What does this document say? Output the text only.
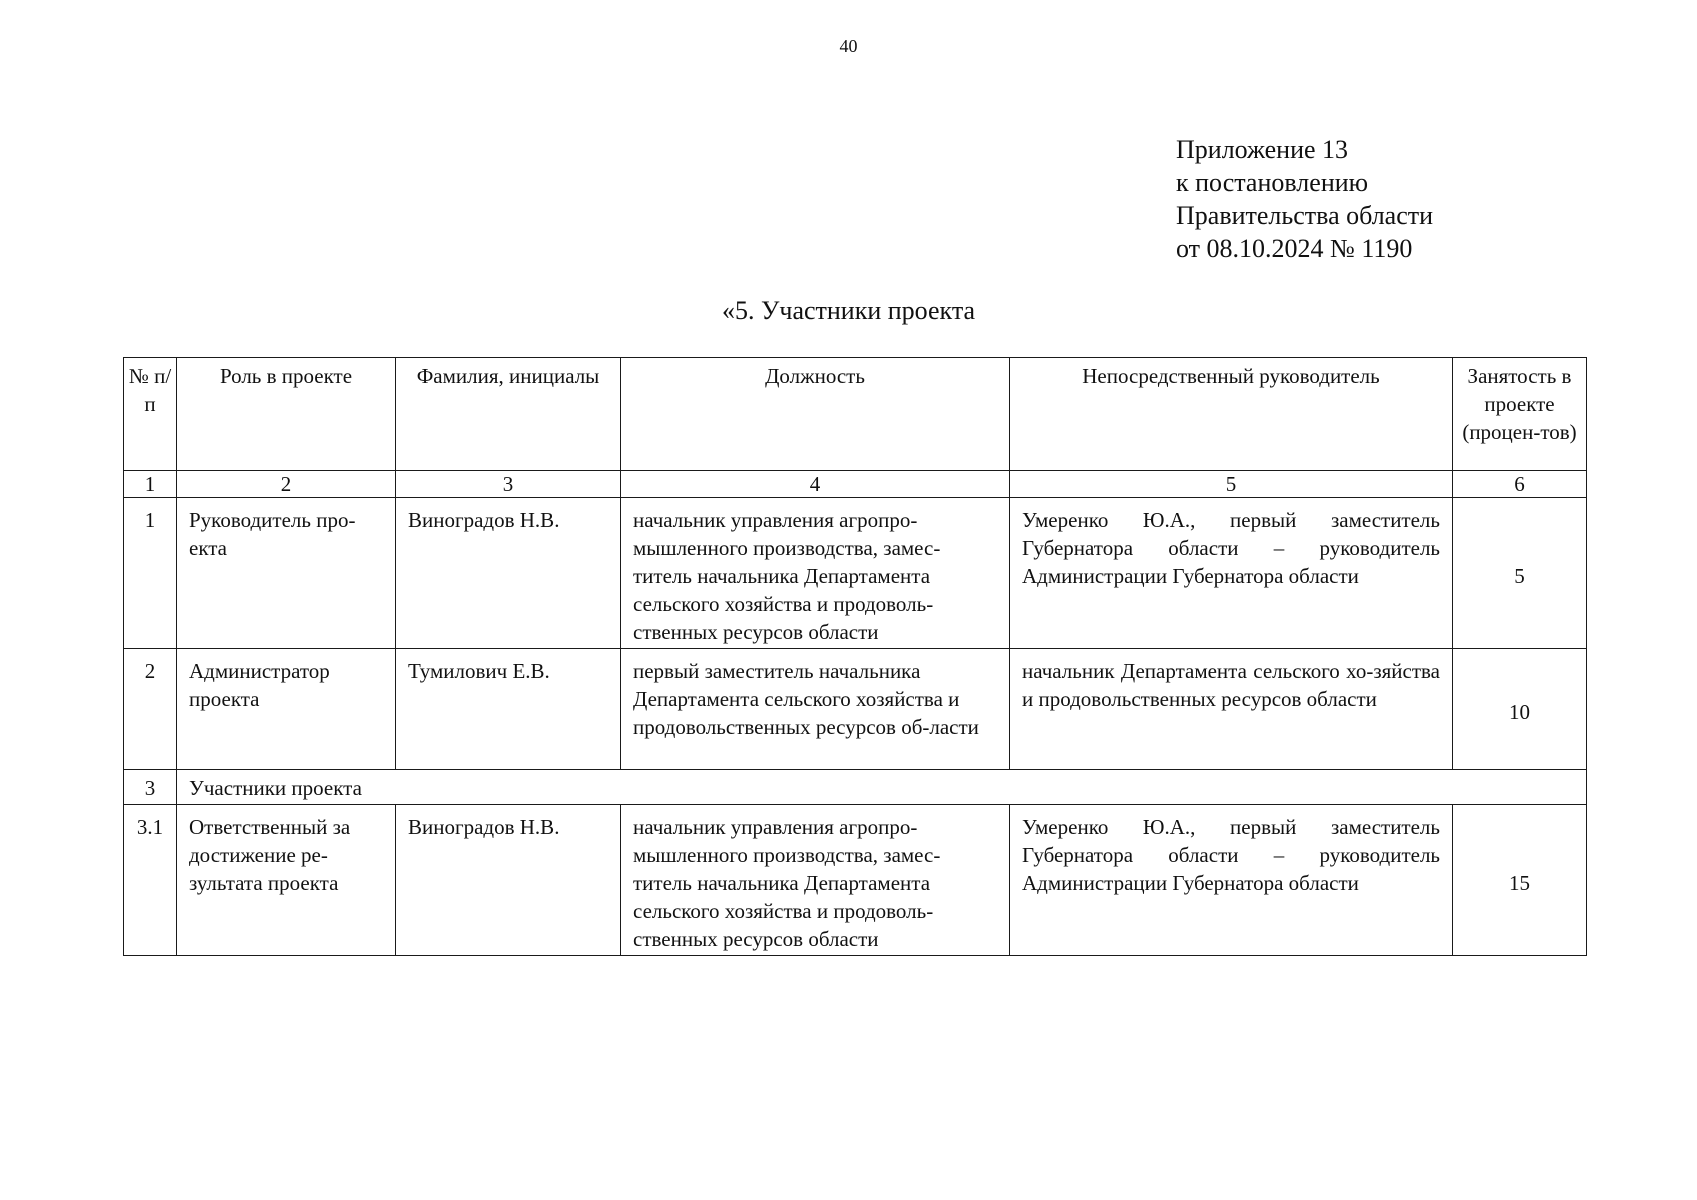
40
Приложение 13
к постановлению
Правительства области
от 08.10.2024 № 1190
«5. Участники проекта
№ п/п	Роль в проекте	Фамилия, инициалы	Должность	Непосредственный руководитель	Занятость в проекте (процен-тов)
1	2	3	4	5	6
1	Руководитель про-екта	Виноградов Н.В.	начальник управления агропро-мышленного производства, замес-титель начальника Департамента сельского хозяйства и продоволь-ственных ресурсов области	Умеренко Ю.А., первый заместитель Губернатора области – руководитель Администрации Губернатора области	5
2	Администратор проекта	Тумилович Е.В.	первый заместитель начальника Департамента сельского хозяйства и продовольственных ресурсов об-ласти	начальник Департамента сельского хо-зяйства и продовольственных ресурсов области	10
3	Участники проекта				
3.1	Ответственный за достижение ре-зультата проекта	Виноградов Н.В.	начальник управления агропро-мышленного производства, замес-титель начальника Департамента сельского хозяйства и продоволь-ственных ресурсов области	Умеренко Ю.А., первый заместитель Губернатора области – руководитель Администрации Губернатора области	15
